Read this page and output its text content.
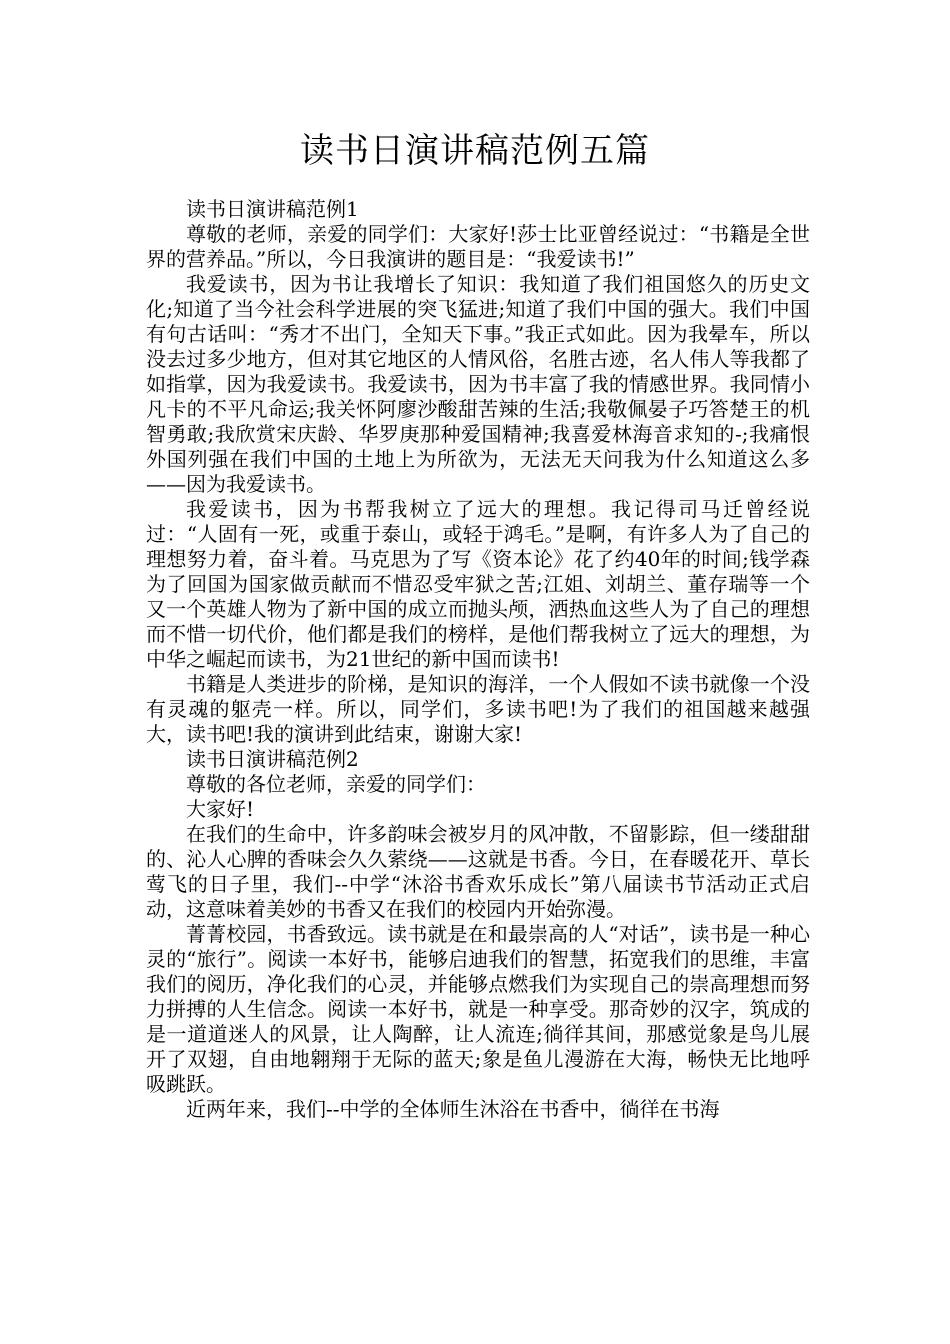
读书日演讲稿范例五篇

读书日演讲稿范例1

尊敬的老师，亲爱的同学们：大家好!莎士比亚曾经说过：“书籍是全世界的营养品。”所以，今日我演讲的题目是：“我爱读书!”

我爱读书，因为书让我增长了知识：我知道了我们祖国悠久的历史文化;知道了当今社会科学进展的突飞猛进;知道了我们中国的强大。我们中国有句古话叫：“秀才不出门，全知天下事。”我正式如此。因为我晕车，所以没去过多少地方，但对其它地区的人情风俗，名胜古迹，名人伟人等我都了如指掌，因为我爱读书。我爱读书，因为书丰富了我的情感世界。我同情小凡卡的不平凡命运;我关怀阿廖沙酸甜苦辣的生活;我敬佩晏子巧答楚王的机智勇敢;我欣赏宋庆龄、华罗庚那种爱国精神;我喜爱林海音求知的-;我痛恨外国列强在我们中国的土地上为所欲为，无法无天问我为什么知道这么多——因为我爱读书。

我爱读书，因为书帮我树立了远大的理想。我记得司马迁曾经说过：“人固有一死，或重于泰山，或轻于鸿毛。”是啊，有许多人为了自己的理想努力着，奋斗着。马克思为了写《资本论》花了约40年的时间;钱学森为了回国为国家做贡献而不惜忍受牢狱之苦;江姐、刘胡兰、董存瑞等一个又一个英雄人物为了新中国的成立而抛头颅，洒热血这些人为了自己的理想而不惜一切代价，他们都是我们的榜样，是他们帮我树立了远大的理想，为中华之崛起而读书，为21世纪的新中国而读书!

书籍是人类进步的阶梯，是知识的海洋，一个人假如不读书就像一个没有灵魂的躯壳一样。所以，同学们，多读书吧!为了我们的祖国越来越强大，读书吧!我的演讲到此结束，谢谢大家!

读书日演讲稿范例2

尊敬的各位老师，亲爱的同学们：

大家好!

在我们的生命中，许多韵味会被岁月的风冲散，不留影踪，但一缕甜甜的、沁人心脾的香味会久久萦绕——这就是书香。今日，在春暖花开、草长莺飞的日子里，我们--中学“沐浴书香欢乐成长”第八届读书节活动正式启动，这意味着美妙的书香又在我们的校园内开始弥漫。

菁菁校园，书香致远。读书就是在和最崇高的人“对话”，读书是一种心灵的“旅行”。阅读一本好书，能够启迪我们的智慧，拓宽我们的思维，丰富我们的阅历，净化我们的心灵，并能够点燃我们为实现自己的崇高理想而努力拼搏的人生信念。阅读一本好书，就是一种享受。那奇妙的汉字，筑成的是一道道迷人的风景，让人陶醉，让人流连;徜徉其间，那感觉象是鸟儿展开了双翅，自由地翱翔于无际的蓝天;象是鱼儿漫游在大海，畅快无比地呼吸跳跃。

近两年来，我们--中学的全体师生沐浴在书香中，徜徉在书海
